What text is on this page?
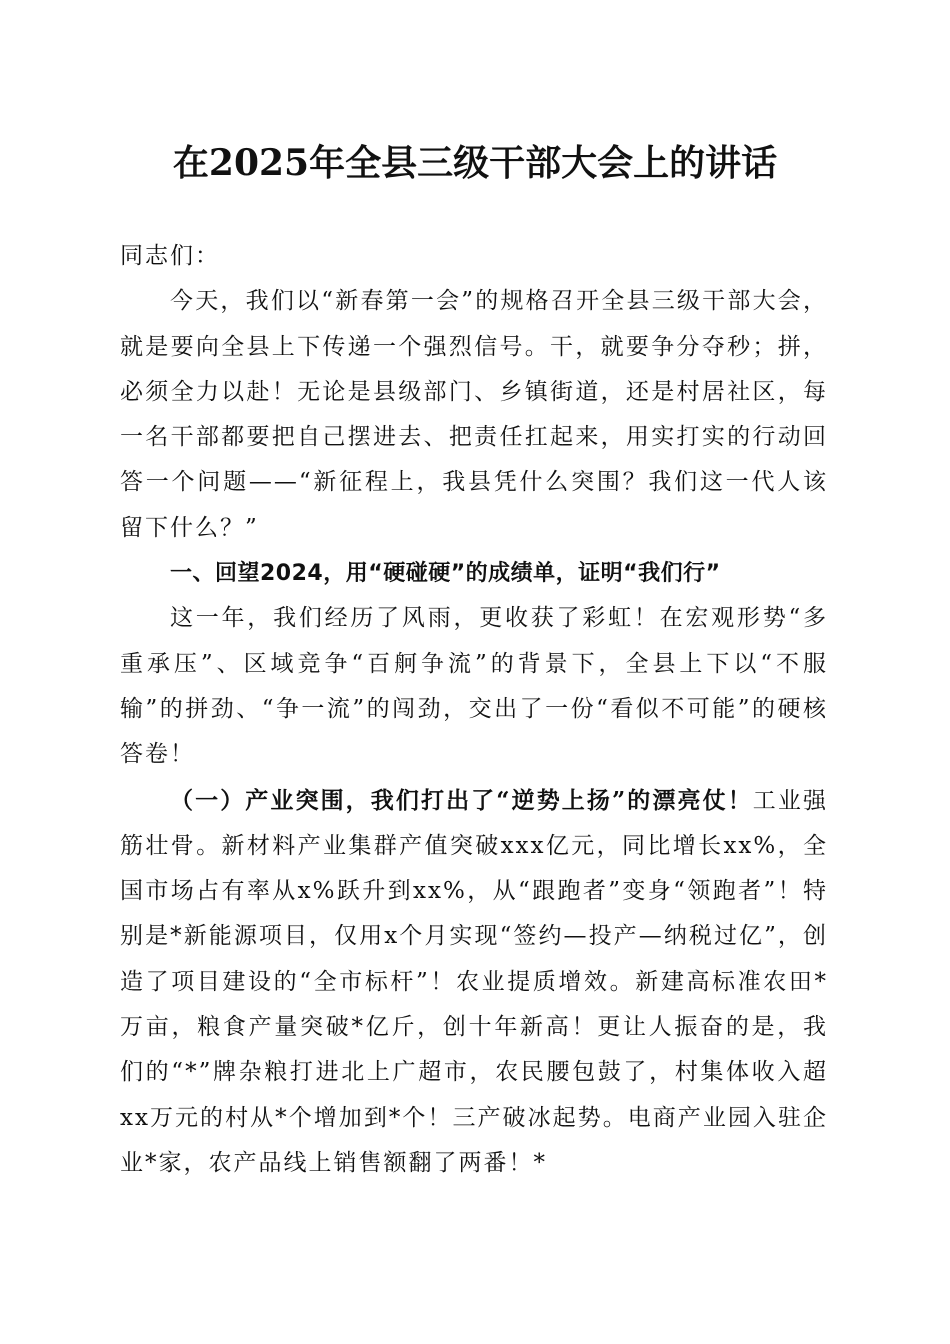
在2025年全县三级干部大会上的讲话

同志们：

今天，我们以“新春第一会”的规格召开全县三级干部大会，就是要向全县上下传递一个强烈信号。干，就要争分夺秒；拼，必须全力以赴！无论是县级部门、乡镇街道，还是村居社区，每一名干部都要把自己摆进去、把责任扛起来，用实打实的行动回答一个问题——“新征程上，我县凭什么突围？我们这一代人该留下什么？”

一、回望2024，用“硬碰硬”的成绩单，证明“我们行”

这一年，我们经历了风雨，更收获了彩虹！在宏观形势“多重承压”、区域竞争“百舸争流”的背景下，全县上下以“不服输”的拼劲、“争一流”的闯劲，交出了一份“看似不可能”的硬核答卷！

（一）产业突围，我们打出了“逆势上扬”的漂亮仗！工业强筋壮骨。新材料产业集群产值突破xxx亿元，同比增长xx%，全国市场占有率从x%跃升到xx%，从“跟跑者”变身“领跑者”！特别是*新能源项目，仅用x个月实现“签约—投产—纳税过亿”，创造了项目建设的“全市标杆”！农业提质增效。新建高标准农田*万亩，粮食产量突破*亿斤，创十年新高！更让人振奋的是，我们的“*”牌杂粮打进北上广超市，农民腰包鼓了，村集体收入超xx万元的村从*个增加到*个！三产破冰起势。电商产业园入驻企业*家，农产品线上销售额翻了两番！*
